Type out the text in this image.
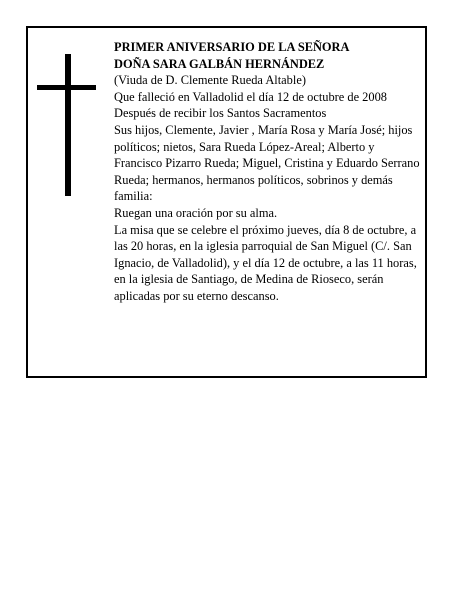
PRIMER ANIVERSARIO DE LA SEÑORA

DOÑA SARA GALBÁN HERNÁNDEZ

(Viuda de D. Clemente Rueda Altable)

Que falleció en Valladolid el día 12 de octubre de 2008

Después de recibir los Santos Sacramentos

Sus hijos, Clemente, Javier , María Rosa y María José; hijos políticos; nietos, Sara Rueda López-Areal; Alberto y Francisco Pizarro Rueda; Miguel, Cristina y Eduardo Serrano Rueda; hermanos, hermanos políticos, sobrinos y demás familia:

Ruegan una oración por su alma.

La misa que se celebre el próximo jueves, día 8 de octubre, a las 20 horas, en la iglesia parroquial de San Miguel (C/. San Ignacio, de Valladolid), y el día 12 de octubre, a las 11 horas, en la iglesia de Santiago, de Medina de Rioseco, serán aplicadas por su eterno descanso.
